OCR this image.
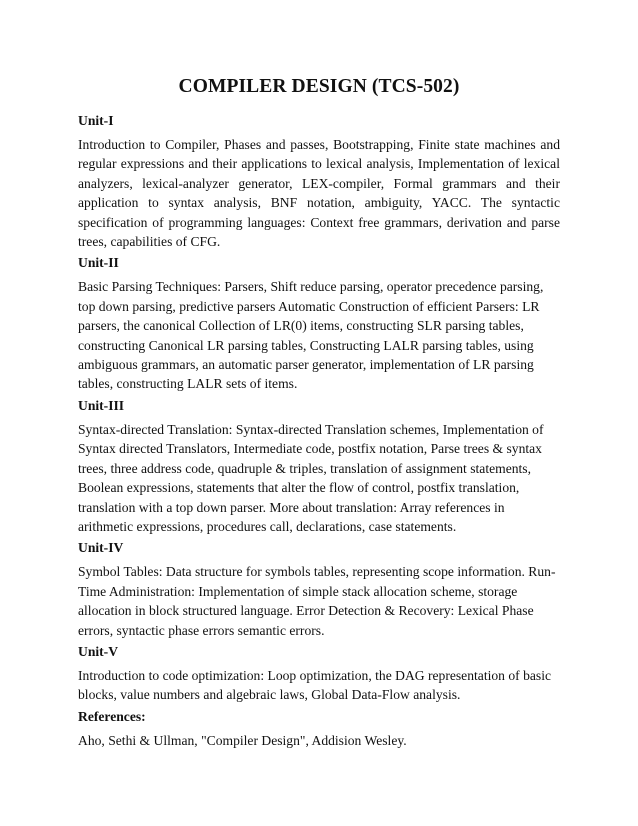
COMPILER DESIGN (TCS-502)
Unit-I

Introduction to Compiler, Phases and passes, Bootstrapping, Finite state machines and regular expressions and their applications to lexical analysis, Implementation of lexical analyzers, lexical-analyzer generator, LEX-compiler, Formal grammars and their application to syntax analysis, BNF notation, ambiguity, YACC. The syntactic specification of programming languages: Context free grammars, derivation and parse trees, capabilities of CFG.

Unit-II

Basic Parsing Techniques: Parsers, Shift reduce parsing, operator precedence parsing, top down parsing, predictive parsers Automatic Construction of efficient Parsers: LR parsers, the canonical Collection of LR(0) items, constructing SLR parsing tables, constructing Canonical LR parsing tables, Constructing LALR parsing tables, using ambiguous grammars, an automatic parser generator, implementation of LR parsing tables, constructing LALR sets of items.

Unit-III

Syntax-directed Translation: Syntax-directed Translation schemes, Implementation of Syntax directed Translators, Intermediate code, postfix notation, Parse trees & syntax trees, three address code, quadruple & triples, translation of assignment statements, Boolean expressions, statements that alter the flow of control, postfix translation, translation with a top down parser. More about translation: Array references in arithmetic expressions, procedures call, declarations, case statements.

Unit-IV

Symbol Tables: Data structure for symbols tables, representing scope information. Run-Time Administration: Implementation of simple stack allocation scheme, storage allocation in block structured language. Error Detection & Recovery: Lexical Phase errors, syntactic phase errors semantic errors.

Unit-V

Introduction to code optimization: Loop optimization, the DAG representation of basic blocks, value numbers and algebraic laws, Global Data-Flow analysis.

References:

Aho, Sethi & Ullman, "Compiler Design", Addision Wesley.
